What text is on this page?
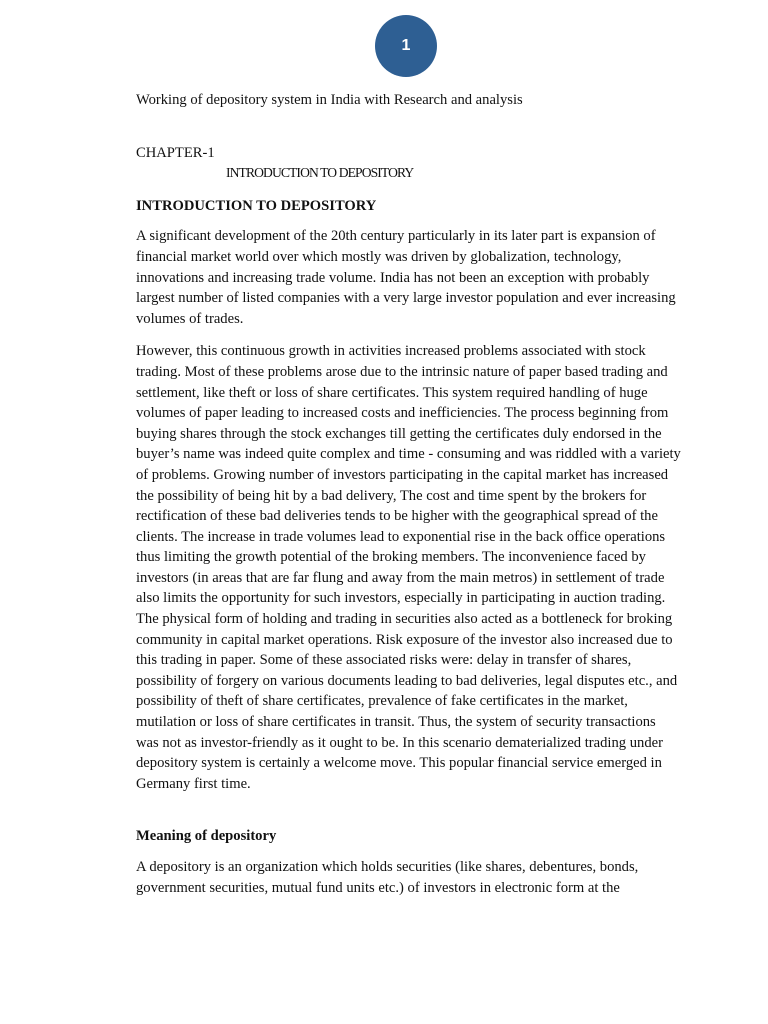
1

Working of depository system in India with Research and analysis

CHAPTER-1

INTRODUCTION TO DEPOSITORY

INTRODUCTION TO DEPOSITORY

A significant development of the 20th century particularly in its later part is expansion of financial market world over which mostly was driven by globalization, technology, innovations and increasing trade volume. India has not been an exception with probably largest number of listed companies with a very large investor population and ever increasing volumes of trades.

However, this continuous growth in activities increased problems associated with stock trading. Most of these problems arose due to the intrinsic nature of paper based trading and settlement, like theft or loss of share certificates. This system required handling of huge volumes of paper leading to increased costs and inefficiencies. The process beginning from buying shares through the stock exchanges till getting the certificates duly endorsed in the buyer’s name was indeed quite complex and time - consuming and was riddled with a variety of problems. Growing number of investors participating in the capital market has increased the possibility of being hit by a bad delivery, The cost and time spent by the brokers for rectification of these bad deliveries tends to be higher with the geographical spread of the clients. The increase in trade volumes lead to exponential rise in the back office operations thus limiting the growth potential of the broking members. The inconvenience faced by investors (in areas that are far flung and away from the main metros) in settlement of trade also limits the opportunity for such investors, especially in participating in auction trading. The physical form of holding and trading in securities also acted as a bottleneck for broking community in capital market operations. Risk exposure of the investor also increased due to this trading in paper. Some of these associated risks were: delay in transfer of shares, possibility of forgery on various documents leading to bad deliveries, legal disputes etc., and possibility of theft of share certificates, prevalence of fake certificates in the market, mutilation or loss of share certificates in transit. Thus, the system of security transactions was not as investor-friendly as it ought to be. In this scenario dematerialized trading under depository system is certainly a welcome move. This popular financial service emerged in Germany first time.

Meaning of depository

A depository is an organization which holds securities (like shares, debentures, bonds, government securities, mutual fund units etc.) of investors in electronic form at the
